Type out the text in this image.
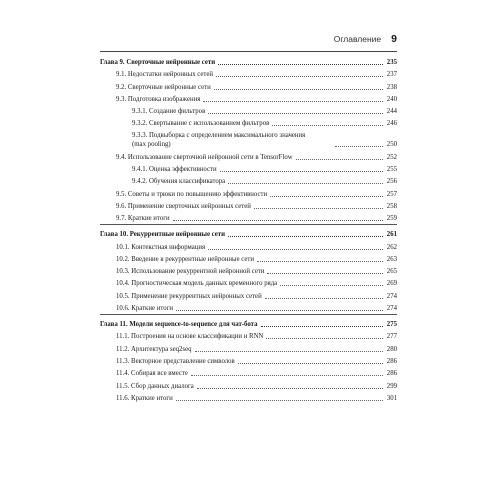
Оглавление 9
Глава 9. Сверточные нейронные сети	235
9.1. Недостатки нейронных сетей	237
9.2. Сверточные нейронные сети	238
9.3. Подготовка изображения	240
9.3.1. Создание фильтров	244
9.3.2. Свертывание с использованием фильтров	246
9.3.3. Подвыборка с определением максимального значения
(max pooling)	250
9.4. Использование сверточной нейронной сети в TensorFlow	252
9.4.1. Оценка эффективности	255
9.4.2. Обучения классификатора	256
9.5. Советы и трюки по повышению эффективности	257
9.6. Применение сверточных нейронных сетей	258
9.7. Краткие итоги	259
Глава 10. Рекуррентные нейронные сети	261
10.1. Контекстная информация	262
10.2. Введение в рекуррентные нейронные сети	263
10.3. Использование рекуррентной нейронной сети	265
10.4. Прогностическая модель данных временного ряда	269
10.5. Применение рекуррентных нейронных сетей	274
10.6. Краткие итоги	274
Глава 11. Модели sequence-to-sequence для чат-бота	275
11.1. Построения на основе классификации и RNN	277
11.2. Архитектура seq2seq	280
11.3. Векторное представление символов	286
11.4. Собирая все вместе	286
11.5. Сбор данных диалога	299
11.6. Краткие итоги	301
